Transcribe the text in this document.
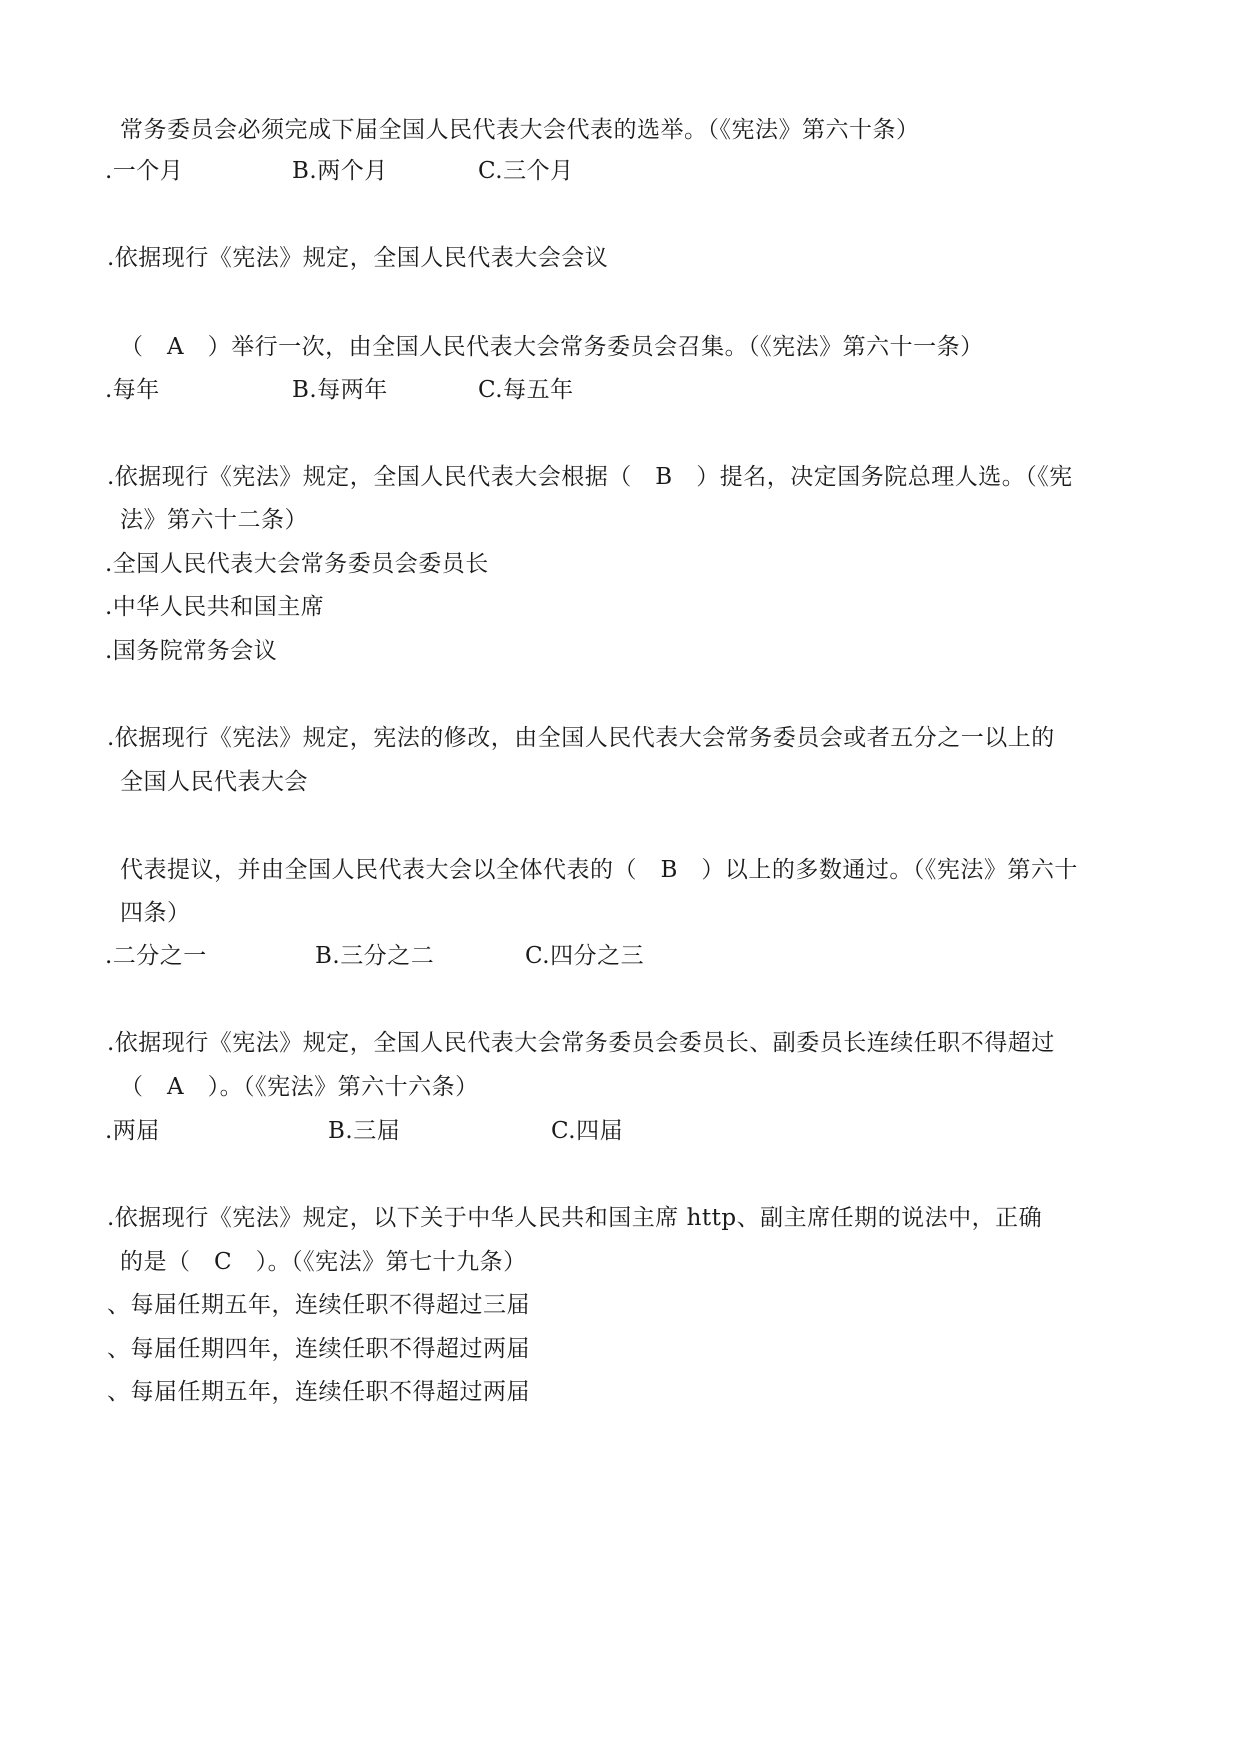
常务委员会必须完成下届全国人民代表大会代表的选举。（《宪法》第六十条）
.一个月	B.两个月	C.三个月
.依据现行《宪法》规定，全国人民代表大会会议
（　A　）举行一次，由全国人民代表大会常务委员会召集。（《宪法》第六十一条）
.每年	B.每两年	C.每五年
.依据现行《宪法》规定，全国人民代表大会根据（　B　）提名，决定国务院总理人选。（《宪
法》第六十二条）
.全国人民代表大会常务委员会委员长
.中华人民共和国主席
.国务院常务会议
.依据现行《宪法》规定，宪法的修改，由全国人民代表大会常务委员会或者五分之一以上的
全国人民代表大会
代表提议，并由全国人民代表大会以全体代表的（　B　）以上的多数通过。（《宪法》第六十
四条）
.二分之一	B.三分之二	C.四分之三
.依据现行《宪法》规定，全国人民代表大会常务委员会委员长、副委员长连续任职不得超过
（　A　）。（《宪法》第六十六条）
.两届	B.三届	C.四届
.依据现行《宪法》规定，以下关于中华人民共和国主席 http、副主席任期的说法中，正确
的是（　C　）。（《宪法》第七十九条）
、每届任期五年，连续任职不得超过三届
、每届任期四年，连续任职不得超过两届
、每届任期五年，连续任职不得超过两届
